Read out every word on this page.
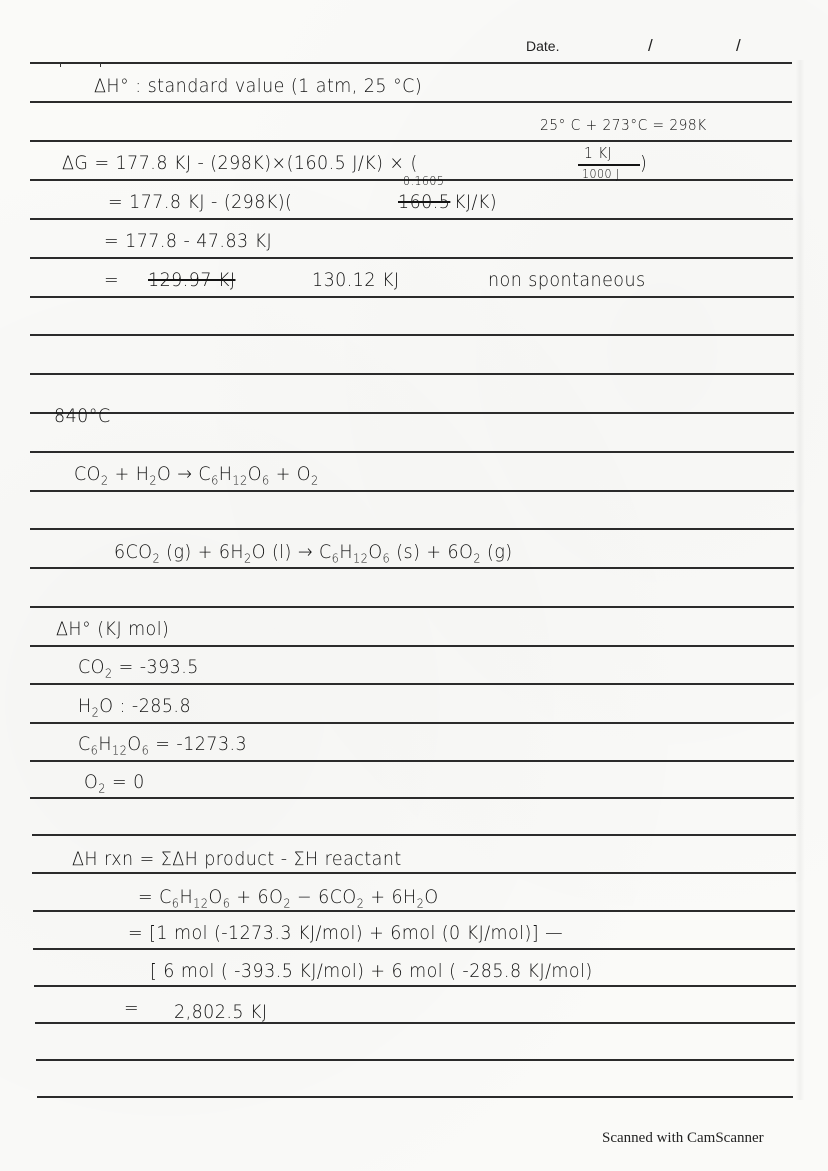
Date.	/	/
ΔH° : standard value (1 atm, 25 °C)
25° C + 273°C = 298K
ΔG = 177.8 KJ - (298K)×(160.5 J/K) × (	1 KJ
1000 J )
0.1605
= 177.8 KJ - (298K)(	160.5 KJ/K)
= 177.8 - 47.83 KJ
= 129.97 KJ	130.12 KJ	non spontaneous
840°C
$CO_2 + H_2O \to C_6H_{12}O_6 + O_2$
$6CO_2$ $(g) + 6H_2O$ $(l) \to C_6H_{12}O_6$ $(s) + 6O_2$ (g)
ΔH° (KJ mol)
$CO_2 = -393.5$
$H_2O$ : -285.8
$C_6H_{12}O_6 = -1273.3$
$O_2 = 0$
ΔH rxn = ΣΔH product - ΣH reactant
= $C_6H_{12}O_6 + 6O_2 - 6CO_2 + 6H_2O$
= [1 mol (-1273.3 KJ/mol) + 6mol (0 KJ/mol)] —
[ 6 mol ( -393.5 KJ/mol) + 6 mol ( -285.8 KJ/mol)
= 2,802.5 KJ
Scanned with CamScanner
